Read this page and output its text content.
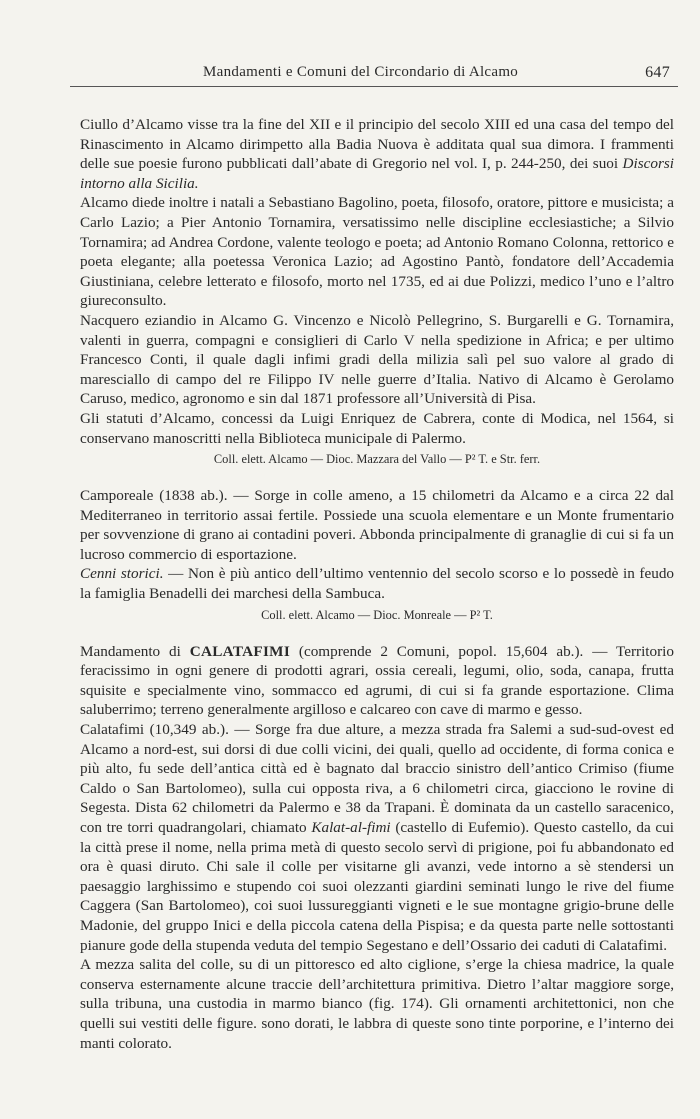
Mandamenti e Comuni del Circondario di Alcamo	647

Ciullo d’Alcamo visse tra la fine del XII e il principio del secolo XIII ed una casa del tempo del Rinascimento in Alcamo dirimpetto alla Badia Nuova è additata qual sua dimora. I frammenti delle sue poesie furono pubblicati dall’abate di Gregorio nel vol. I, p. 244-250, dei suoi Discorsi intorno alla Sicilia.

Alcamo diede inoltre i natali a Sebastiano Bagolino, poeta, filosofo, oratore, pittore e musicista; a Carlo Lazio; a Pier Antonio Tornamira, versatissimo nelle discipline ecclesiastiche; a Silvio Tornamira; ad Andrea Cordone, valente teologo e poeta; ad Antonio Romano Colonna, rettorico e poeta elegante; alla poetessa Veronica Lazio; ad Agostino Pantò, fondatore dell’Accademia Giustiniana, celebre letterato e filosofo, morto nel 1735, ed ai due Polizzi, medico l’uno e l’altro giureconsulto.

Nacquero eziandio in Alcamo G. Vincenzo e Nicolò Pellegrino, S. Burgarelli e G. Tornamira, valenti in guerra, compagni e consiglieri di Carlo V nella spedizione in Africa; e per ultimo Francesco Conti, il quale dagli infimi gradi della milizia salì pel suo valore al grado di maresciallo di campo del re Filippo IV nelle guerre d’Italia. Nativo di Alcamo è Gerolamo Caruso, medico, agronomo e sin dal 1871 professore all’Università di Pisa.

Gli statuti d’Alcamo, concessi da Luigi Enriquez de Cabrera, conte di Modica, nel 1564, si conservano manoscritti nella Biblioteca municipale di Palermo.

Coll. elett. Alcamo — Dioc. Mazzara del Vallo — P² T. e Str. ferr.

Camporeale (1838 ab.). — Sorge in colle ameno, a 15 chilometri da Alcamo e a circa 22 dal Mediterraneo in territorio assai fertile. Possiede una scuola elementare e un Monte frumentario per sovvenzione di grano ai contadini poveri. Abbonda principalmente di granaglie di cui si fa un lucroso commercio di esportazione.

Cenni storici. — Non è più antico dell’ultimo ventennio del secolo scorso e lo possedè in feudo la famiglia Benadelli dei marchesi della Sambuca.

Coll. elett. Alcamo — Dioc. Monreale — P² T.

Mandamento di CALATAFIMI (comprende 2 Comuni, popol. 15,604 ab.). — Territorio feracissimo in ogni genere di prodotti agrari, ossia cereali, legumi, olio, soda, canapa, frutta squisite e specialmente vino, sommacco ed agrumi, di cui si fa grande esportazione. Clima saluberrimo; terreno generalmente argilloso e calcareo con cave di marmo e gesso.

Calatafimi (10,349 ab.). — Sorge fra due alture, a mezza strada fra Salemi a sud-sud-ovest ed Alcamo a nord-est, sui dorsi di due colli vicini, dei quali, quello ad occidente, di forma conica e più alto, fu sede dell’antica città ed è bagnato dal braccio sinistro dell’antico Crimiso (fiume Caldo o San Bartolomeo), sulla cui opposta riva, a 6 chilometri circa, giacciono le rovine di Segesta. Dista 62 chilometri da Palermo e 38 da Trapani. È dominata da un castello saracenico, con tre torri quadrangolari, chiamato Kalat-al-fimi (castello di Eufemio). Questo castello, da cui la città prese il nome, nella prima metà di questo secolo servì di prigione, poi fu abbandonato ed ora è quasi diruto. Chi sale il colle per visitarne gli avanzi, vede intorno a sè stendersi un paesaggio larghissimo e stupendo coi suoi olezzanti giardini seminati lungo le rive del fiume Caggera (San Bartolomeo), coi suoi lussureggianti vigneti e le sue montagne grigio-brune delle Madonie, del gruppo Inici e della piccola catena della Pispisa; e da questa parte nelle sottostanti pianure gode della stupenda veduta del tempio Segestano e dell’Ossario dei caduti di Calatafimi.

A mezza salita del colle, su di un pittoresco ed alto ciglione, s’erge la chiesa madrice, la quale conserva esternamente alcune traccie dell’architettura primitiva. Dietro l’altar maggiore sorge, sulla tribuna, una custodia in marmo bianco (fig. 174). Gli ornamenti architettonici, non che quelli sui vestiti delle figure. sono dorati, le labbra di queste sono tinte porporine, e l’interno dei manti colorato.
